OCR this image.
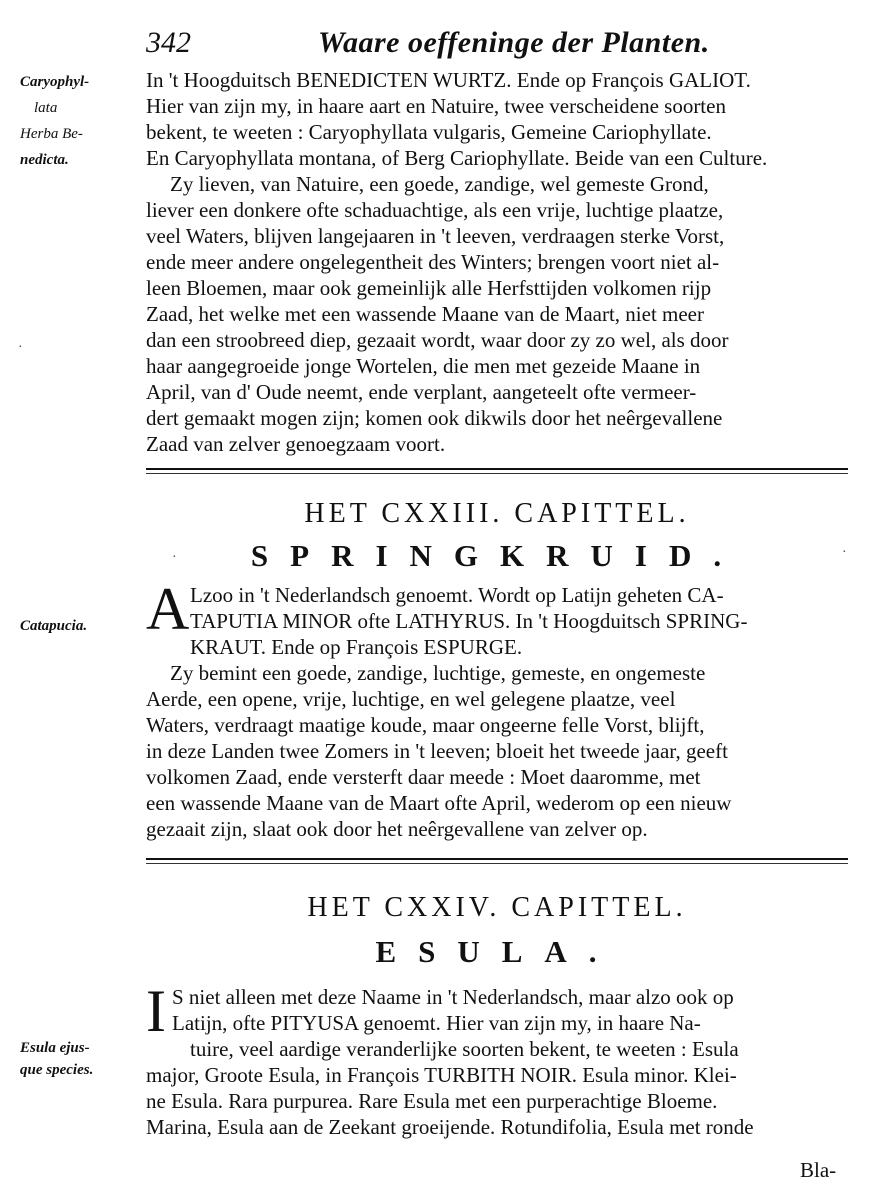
342	Waare oeffeninge der Planten.
Caryophyl-
lata
Herba Be-
nedicta.
In 't Hoogduitsch BENEDICTEN WURTZ. Ende op François GALIOT.
Hier van zijn my, in haare aart en Natuire, twee verscheidene soorten
bekent, te weeten : Caryophyllata vulgaris, Gemeine Cariophyllate.
En Caryophyllata montana, of Berg Cariophyllate. Beide van een Culture.
Zy lieven, van Natuire, een goede, zandige, wel gemeste Grond,
liever een donkere ofte schaduachtige, als een vrije, luchtige plaatze,
veel Waters, blijven langejaaren in 't leeven, verdraagen sterke Vorst,
ende meer andere ongelegentheit des Winters; brengen voort niet al-
leen Bloemen, maar ook gemeinlijk alle Herfsttijden volkomen rijp
Zaad, het welke met een wassende Maane van de Maart, niet meer
dan een stroobreed diep, gezaait wordt, waar door zy zo wel, als door
haar aangegroeide jonge Wortelen, die men met gezeide Maane in
April, van d' Oude neemt, ende verplant, aangeteelt ofte vermeer-
dert gemaakt mogen zijn; komen ook dikwils door het neêrgevallene
Zaad van zelver genoegzaam voort.
HET CXXIII. CAPITTEL.
SPRINGKRUID.
Catapucia. A Lzoo in 't Nederlandsch genoemt. Wordt op Latijn geheten CA-
TAPUTIA MINOR ofte LATHYRUS. In 't Hoogduitsch SPRING-
KRAUT. Ende op François ESPURGE.
Zy bemint een goede, zandige, luchtige, gemeste, en ongemeste
Aerde, een opene, vrije, luchtige, en wel gelegene plaatze, veel
Waters, verdraagt maatige koude, maar ongeerne felle Vorst, blijft,
in deze Landen twee Zomers in 't leeven; bloeit het tweede jaar, geeft
volkomen Zaad, ende versterft daar meede : Moet daaromme, met
een wassende Maane van de Maart ofte April, wederom op een nieuw
gezaait zijn, slaat ook door het neêrgevallene van zelver op.
HET CXXIV. CAPITTEL.
ESULA.
Esula ejus-
que species.
I S niet alleen met deze Naame in 't Nederlandsch, maar alzo ook op
Latijn, ofte PITYUSA genoemt. Hier van zijn my, in haare Na-
tuire, veel aardige veranderlijke soorten bekent, te weeten : Esula
major, Groote Esula, in François TURBITH NOIR. Esula minor. Klei-
ne Esula. Rara purpurea. Rare Esula met een purperachtige Bloeme.
Marina, Esula aan de Zeekant groeijende. Rotundifolia, Esula met ronde
Bla-
·
·	·
